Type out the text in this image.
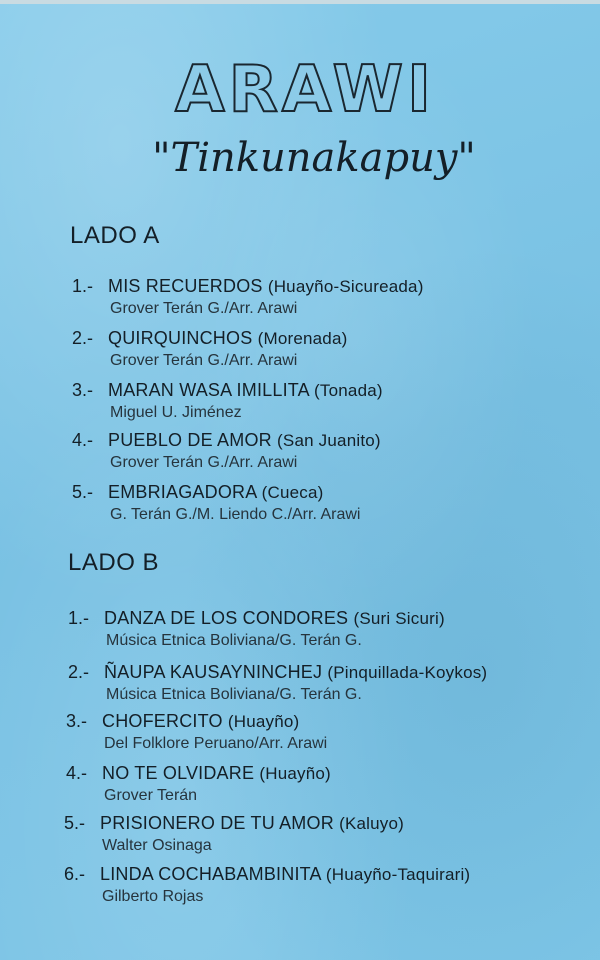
ARAWI
"Tinkunakapuy"
LADO A
1.- MIS RECUERDOS (Huayño-Sicureada)
Grover Terán G./Arr. Arawi
2.- QUIRQUINCHOS (Morenada)
Grover Terán G./Arr. Arawi
3.- MARAN WASA IMILLITA (Tonada)
Miguel U. Jiménez
4.- PUEBLO DE AMOR (San Juanito)
Grover Terán G./Arr. Arawi
5.- EMBRIAGADORA (Cueca)
G. Terán G./M. Liendo C./Arr. Arawi
LADO B
1.- DANZA DE LOS CONDORES (Suri Sicuri)
Música Etnica Boliviana/G. Terán G.
2.- ÑAUPA KAUSAYNINCHEJ (Pinquillada-Koykos)
Música Etnica Boliviana/G. Terán G.
3.- CHOFERCITO (Huayño)
Del Folklore Peruano/Arr. Arawi
4.- NO TE OLVIDARE (Huayño)
Grover Terán
5.- PRISIONERO DE TU AMOR (Kaluyo)
Walter Osinaga
6.- LINDA COCHABAMBINITA (Huayño-Taquirari)
Gilberto Rojas
